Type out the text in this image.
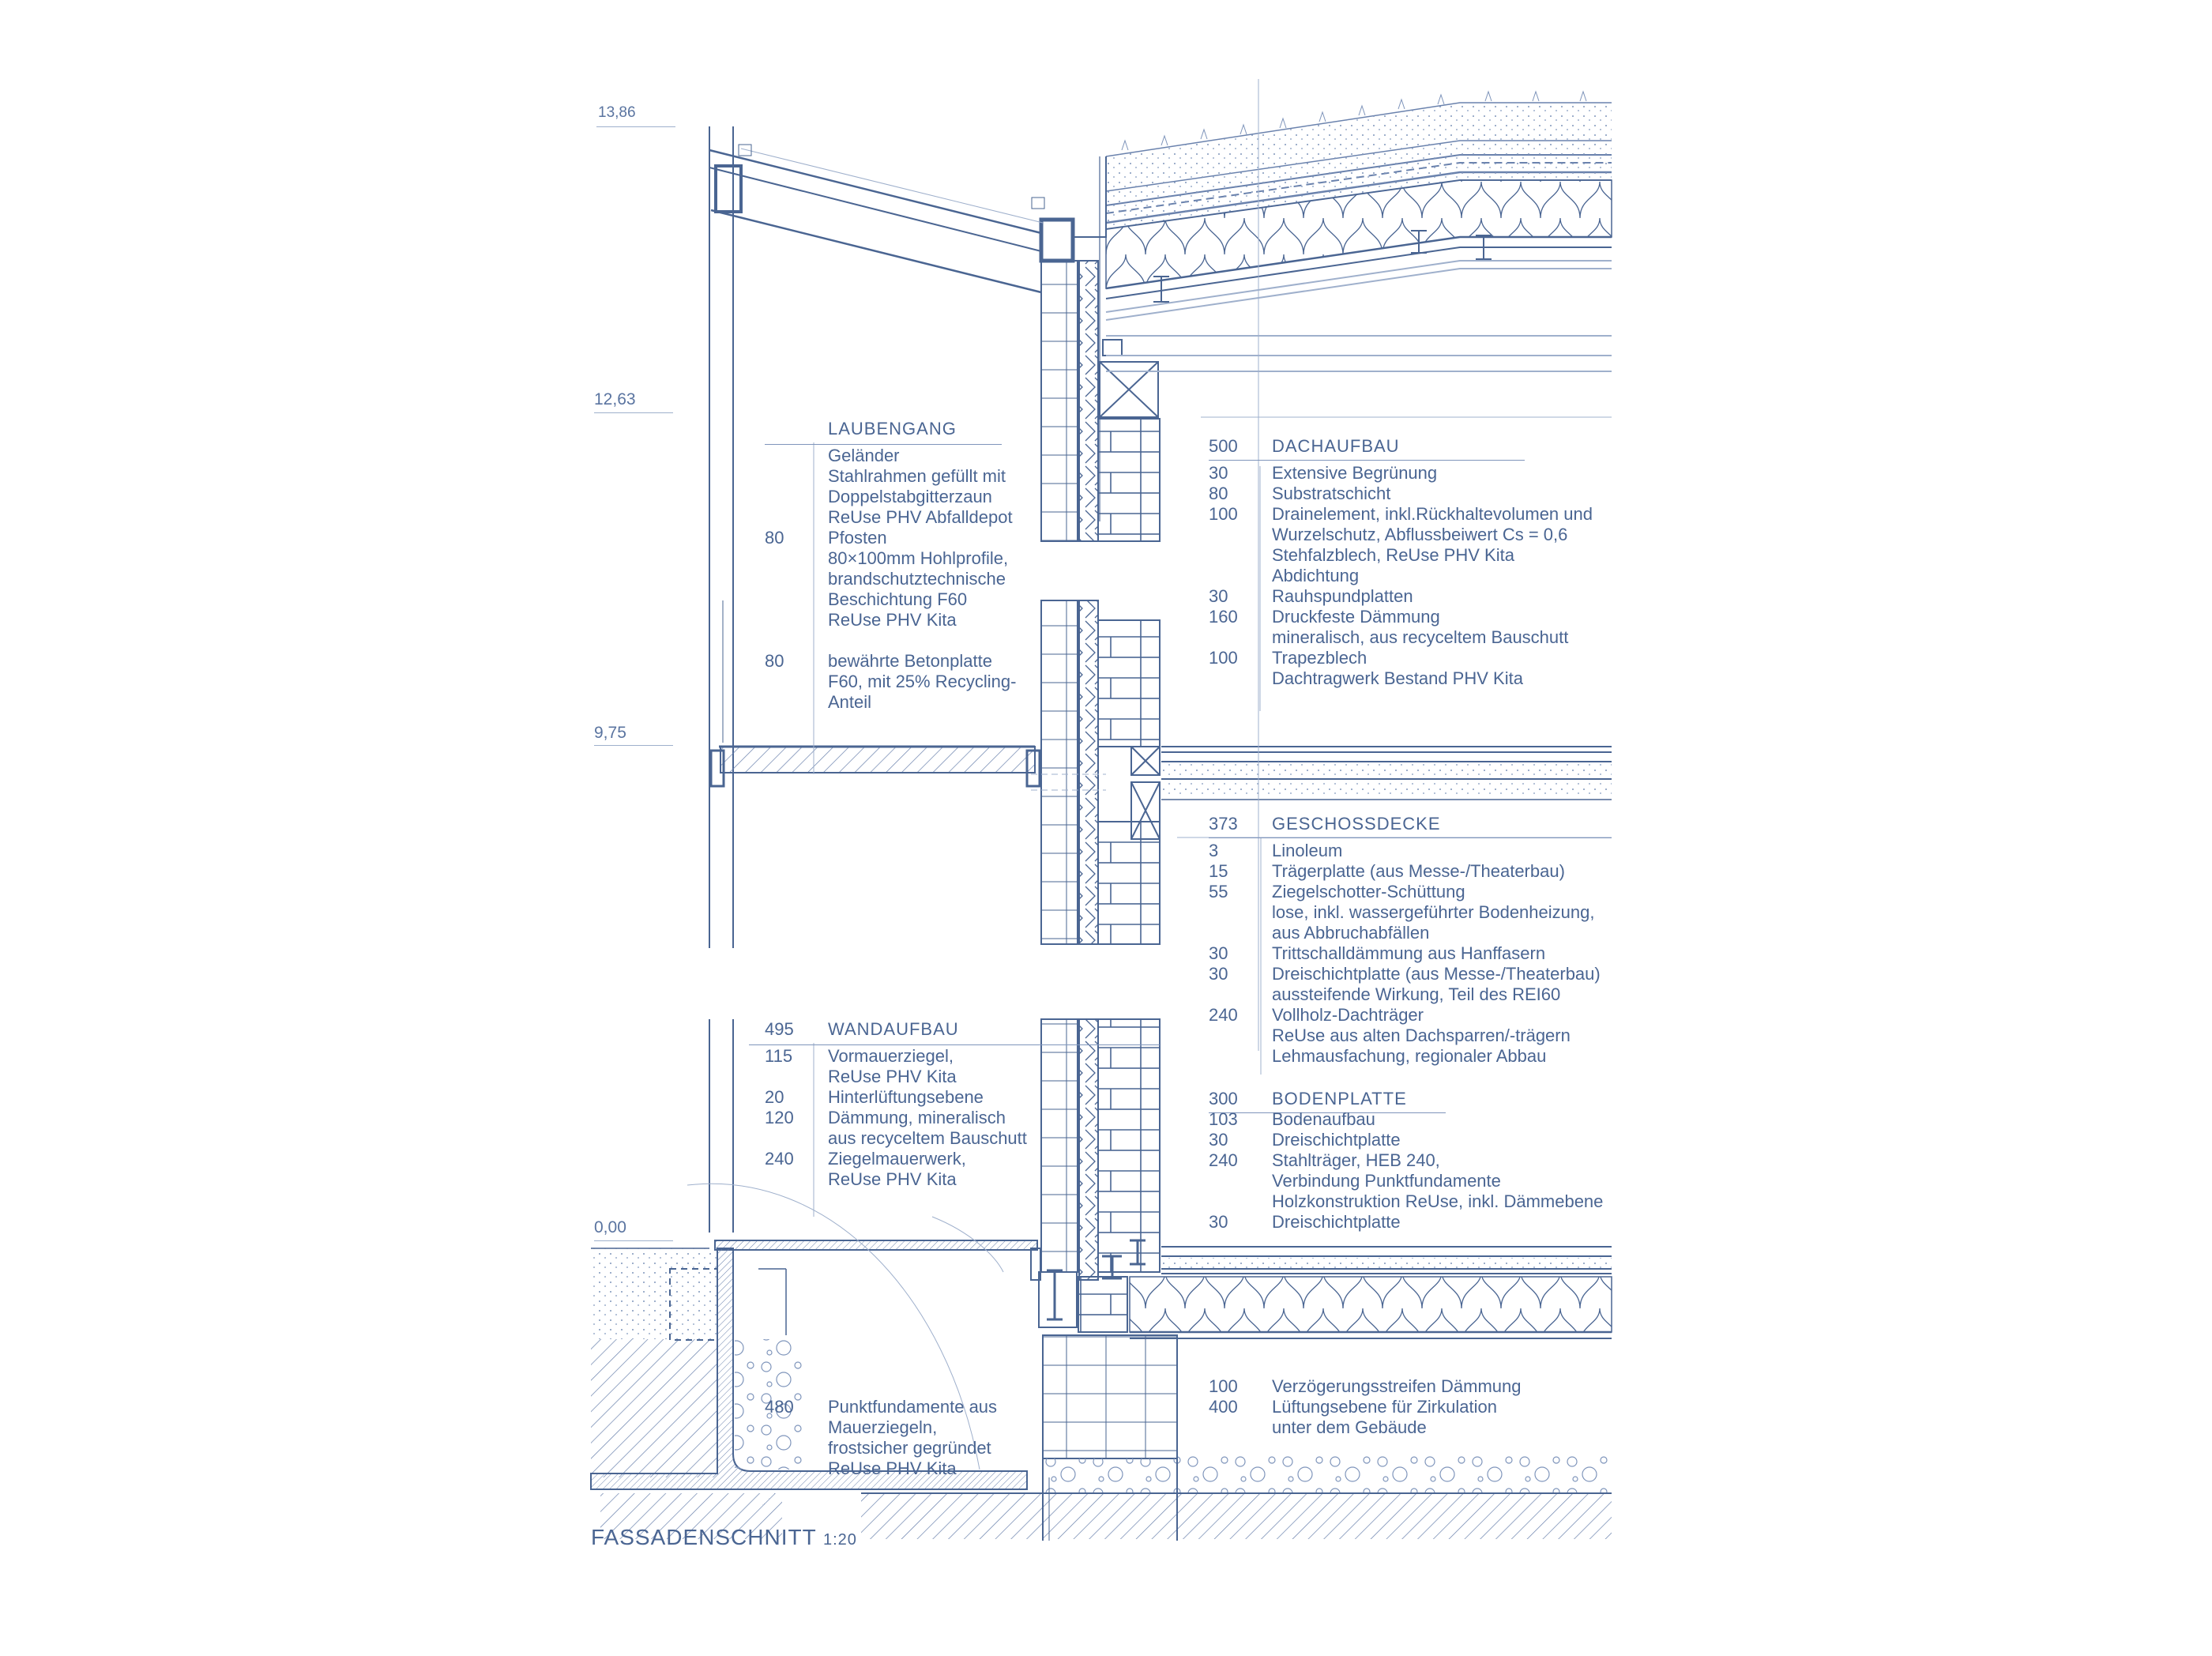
13,86
12,63
9,75
0,00
LAUBENGANG
Geländer
Stahlrahmen gefüllt mit
Doppelstabgitterzaun
ReUse PHV Abfalldepot
80	Pfosten
80×100mm Hohlprofile,
brandschutztechnische
Beschichtung F60
ReUse PHV Kita
80	bewährte Betonplatte
F60, mit 25% Recycling-
Anteil
495	WANDAUFBAU
115	Vormauerziegel,
ReUse PHV Kita
20	Hinterlüftungsebene
120	Dämmung, mineralisch
aus recyceltem Bauschutt
240	Ziegelmauerwerk,
ReUse PHV Kita
480	Punktfundamente aus
Mauerziegeln,
frostsicher gegründet
ReUse PHV Kita
500	DACHAUFBAU
30	Extensive Begrünung
80	Substratschicht
100	Drainelement, inkl.Rückhaltevolumen und
Wurzelschutz, Abflussbeiwert Cs = 0,6
Stehfalzblech, ReUse PHV Kita
Abdichtung
30	Rauhspundplatten
160	Druckfeste Dämmung
mineralisch, aus recyceltem Bauschutt
100	Trapezblech
Dachtragwerk Bestand PHV Kita
373	GESCHOSSDECKE
3	Linoleum
15	Trägerplatte (aus Messe-/Theaterbau)
55	Ziegelschotter-Schüttung
lose, inkl. wassergeführter Bodenheizung,
aus Abbruchabfällen
30	Trittschalldämmung aus Hanffasern
30	Dreischichtplatte (aus Messe-/Theaterbau)
aussteifende Wirkung, Teil des REI60
240	Vollholz-Dachträger
ReUse aus alten Dachsparren/-trägern
Lehmausfachung, regionaler Abbau
300	BODENPLATTE
103	Bodenaufbau
30	Dreischichtplatte
240	Stahlträger, HEB 240,
Verbindung Punktfundamente
Holzkonstruktion ReUse, inkl. Dämmebene
30	Dreischichtplatte
100	Verzögerungsstreifen Dämmung
400	Lüftungsebene für Zirkulation
unter dem Gebäude
FASSADENSCHNITT 1:20
